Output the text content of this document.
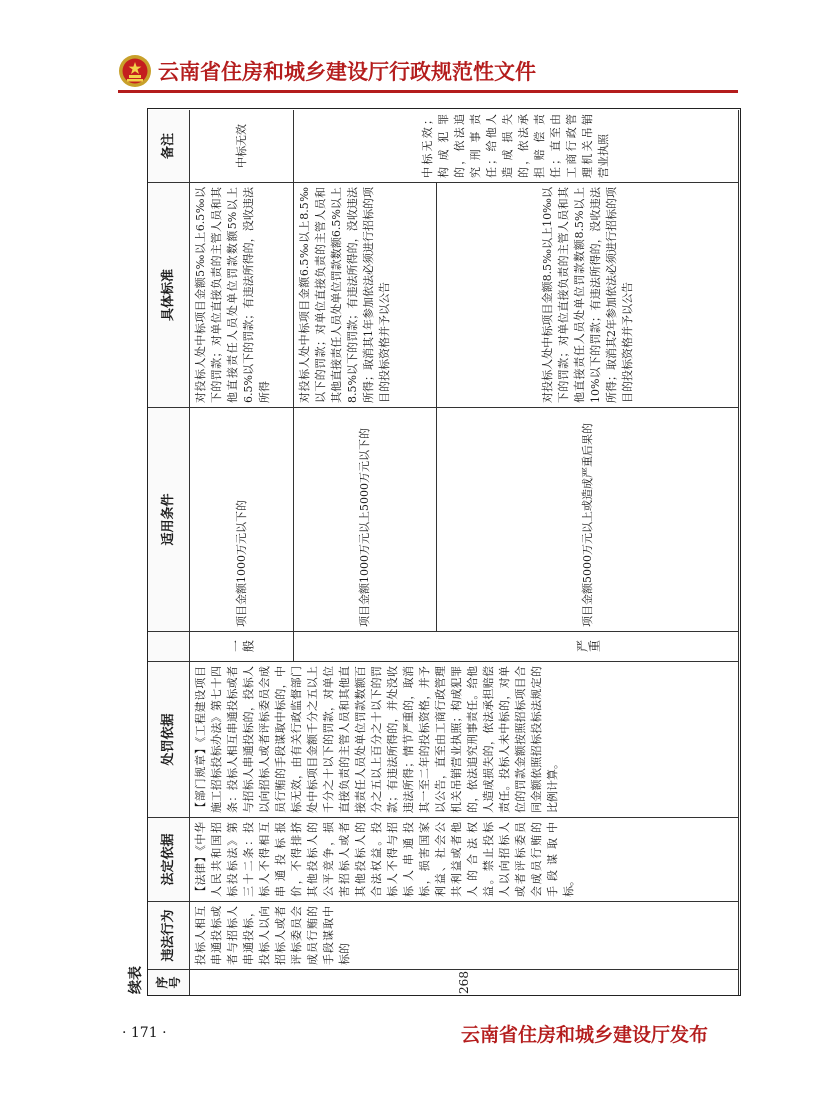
云南省住房和城乡建设厅行政规范性文件
续表 序号
违法行为
法定依据
处罚依据
适用条件
具体标准
备注
268
投标人相互串通投标或者与招标人串通投标，投标人以向招标人或者评标委员会成员行贿的手段谋取中标的
【法律】《中华人民共和国招标投标法》第三十二条：投标人不得相互串通投标报价，不得排挤其他投标人的公平竞争，损害招标人或者其他投标人的合法权益。投标人不得与招标人串通投标，损害国家利益、社会公共利益或者他人的合法权益。禁止投标人以向招标人或者评标委员会成员行贿的手段谋取中标。
【部门规章】《工程建设项目施工招标投标办法》第七十四条：投标人相互串通投标或者与招标人串通投标的，投标人以向招标人或者评标委员会成员行贿的手段谋取中标的，中标无效，由有关行政监督部门处中标项目金额千分之五以上千分之十以下的罚款，对单位直接负责的主管人员和其他直接责任人员处单位罚款数额百分之五以上百分之十以下的罚款；有违法所得的，并处没收违法所得；情节严重的，取消其一至二年的投标资格，并予以公告，直至由工商行政管理机关吊销营业执照；构成犯罪的，依法追究刑事责任。给他人造成损失的，依法承担赔偿责任。投标人未中标的，对单位的罚款金额按照招标项目合同金额依照招标投标法规定的比例计算。
一般
项目金额1000万元以下的
对投标人处中标项目金额5‰以上6.5‰以下的罚款；对单位直接负责的主管人员和其他直接责任人员处单位罚款数额5%以上6.5%以下的罚款；有违法所得的，没收违法所得
中标无效
项目金额1000万元以上5000万元以下的
对投标人处中标项目金额6.5‰以上8.5‰以下的罚款；对单位直接负责的主管人员和其他直接责任人员处单位罚款数额6.5%以上8.5%以下的罚款；有违法所得的，没收违法所得；取消其1年参加依法必须进行招标的项目的投标资格并予以公告
严重
项目金额5000万元以上或造成严重后果的
对投标人处中标项目金额8.5‰以上10‰以下的罚款；对单位直接负责的主管人员和其他直接责任人员处单位罚款数额8.5%以上10%以下的罚款；有违法所得的，没收违法所得；取消其2年参加依法必须进行招标的项目的投标资格并予以公告
中标无效；构成犯罪的，依法追究刑事责任；给他人造成损失的，依法承担赔偿责任；直至由工商行政管理机关吊销营业执照
· 171 ·	云南省住房和城乡建设厅发布
